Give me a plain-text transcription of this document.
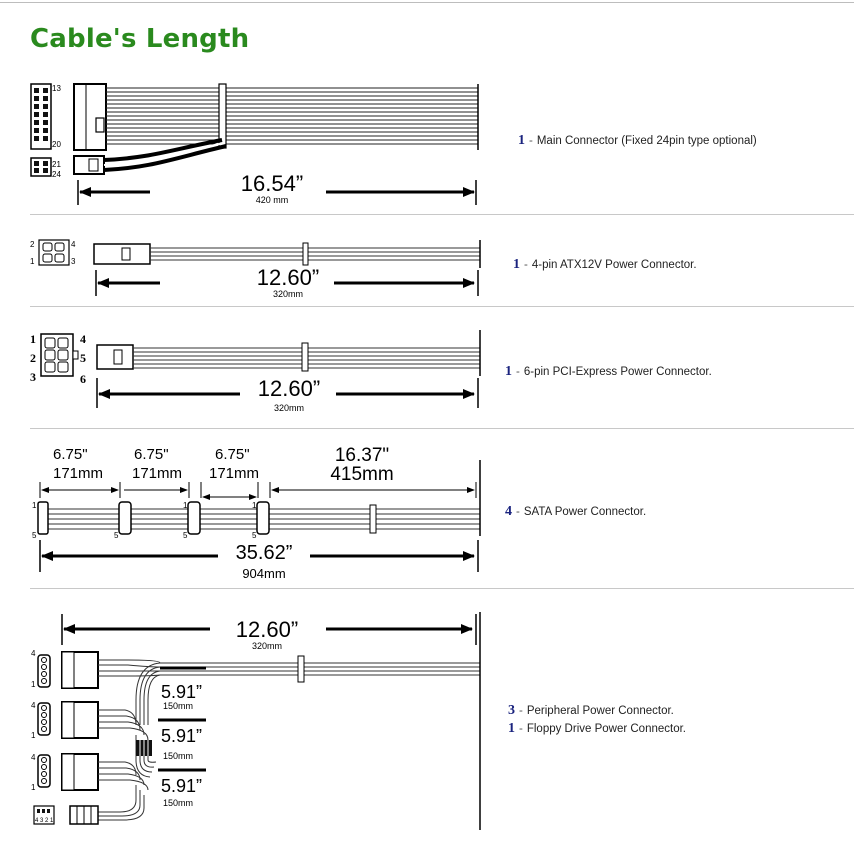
Cable's Length
13
20
21
24	16.54”
420 mm
2	4
1	3
12.60”
320mm
1	4
2	5
3	6	12.60”
320mm
6.75"
171mm
6.75"
171mm
6.75"
171mm
16.37"
415mm
1
5	5	5	5
1	1
35.62”
904mm
12.60”
320mm
4
1
4
1
4
1
5.91”
150mm
5.91”
150mm
5.91”
150mm
4 3 2 1
1 - Main Connector (Fixed 24pin type optional)
1 - 4-pin ATX12V Power Connector.
1 - 6-pin PCI-Express Power Connector.
4 - SATA Power Connector.
3 - Peripheral Power Connector.
1 - Floppy Drive Power Connector.
